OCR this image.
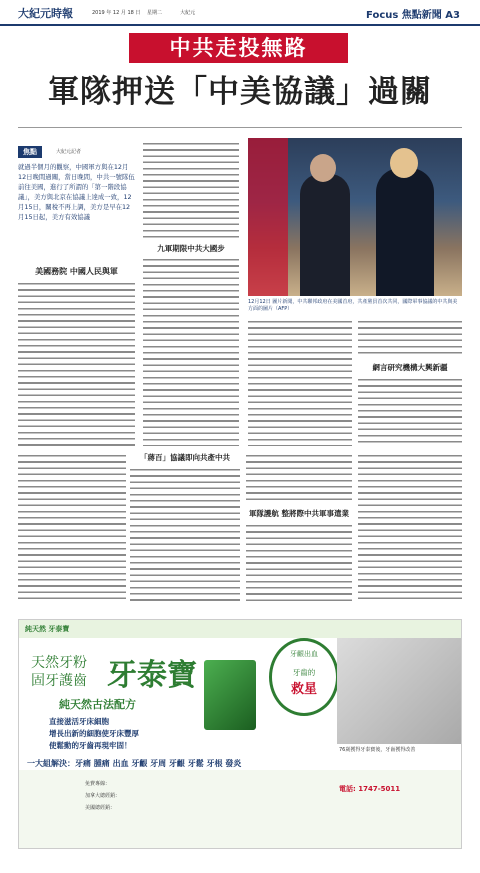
大紀元時報	2019 年 12 月 18 日 　星期二 　　　 大紀元	Focus 焦點新聞 A3
中共走投無路
軍隊押送「中美協議」過關
焦點	大紀元記者
就過半個月的觀察，中國軍方與在12月12日晚間過關，當日晚間，中共一號隊伍前往美國，進行了所謂的「第一階段協議」，美方與北京在協議上達成一致，12月15日，關稅不再上調，美方是早在12月15日起，美方有效協議
美國務院 中國人民與軍
九軍期限中共大國步
12月12日 圖片新聞，中共聯邦政府在美國首府，共產黨員首次共同，國際軍事協議的中共與美方面的圖片（AFP）
網言研究機構大興新疆
「蔣百」協議即向共產中共
軍隊護航 整將際中共軍事遣業
純天然 牙泰寶
天然牙粉
固牙護齒 牙泰寶
純天然古法配方
直接滋活牙床細胞
增長出新的細胞使牙床豐厚
使鬆動的牙齒再現牢固！
牙齦出血
牙齒的
救星
76歲獲得牙泰寶後，牙齒獲得改善
一大組解決：牙痛 腫痛 出血 牙齦 牙周 牙齦 牙鬆 牙根 發炎
免費專線：
加拿大總經銷：
美國總經銷：
電話: 1747-5011
